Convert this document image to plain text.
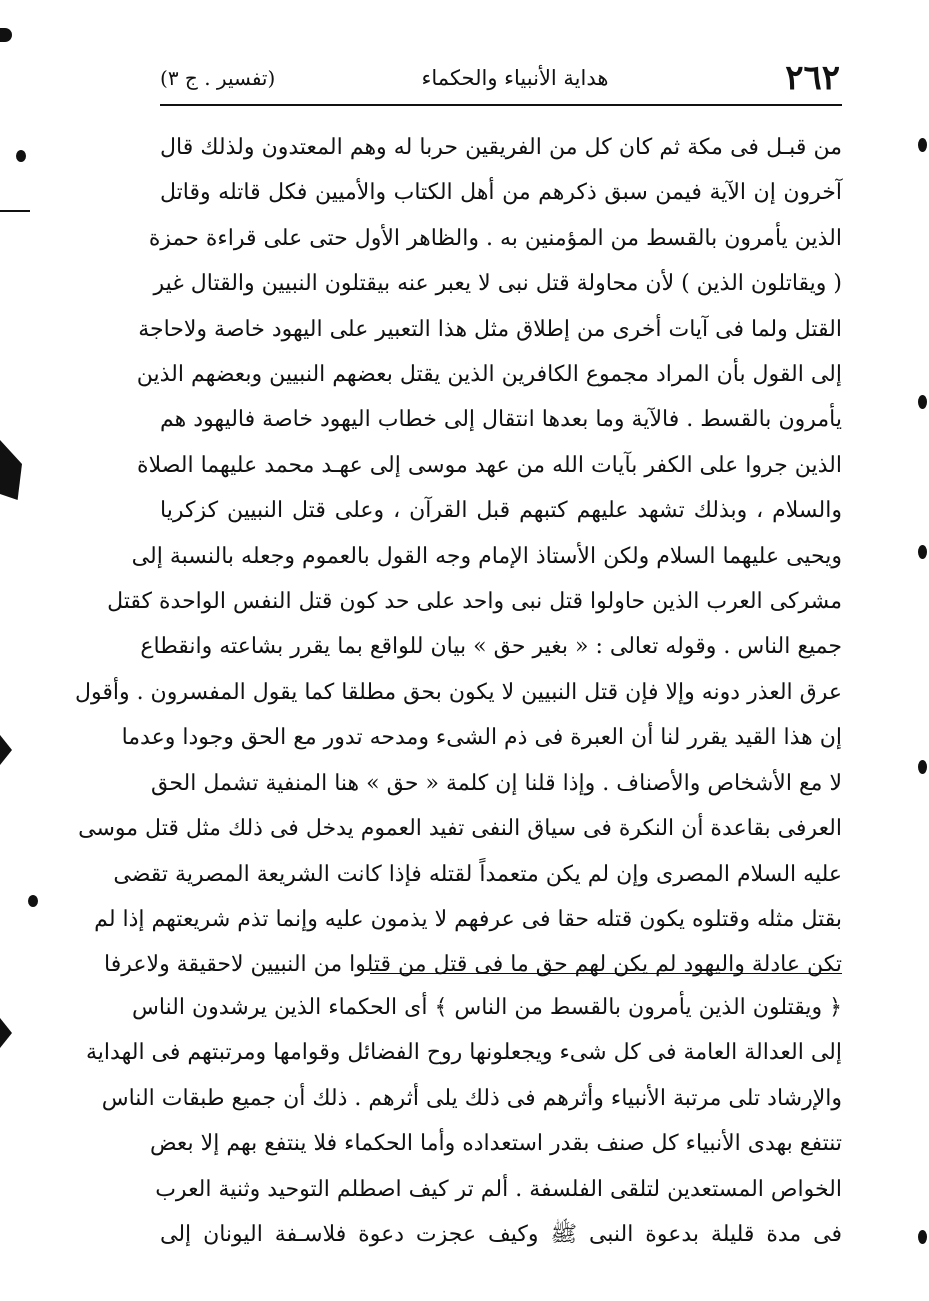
٢٦٢
هداية الأنبياء والحكماء
(تفسير . ج ٣)
من قبـل فى مكة ثم كان كل من الفريقين حربا له وهم المعتدون ولذلك قال
آخرون إن الآية فيمن سبق ذكرهم من أهل الكتاب والأميين فكل قاتله وقاتل
الذين يأمرون بالقسط من المؤمنين به . والظاهر الأول حتى على قراءة حمزة
( ويقاتلون الذين ) لأن محاولة قتل نبى لا يعبر عنه بيقتلون النبيين والقتال غير
القتل ولما فى آيات أخرى من إطلاق مثل هذا التعبير على اليهود خاصة ولاحاجة
إلى القول بأن المراد مجموع الكافرين الذين يقتل بعضهم النبيين وبعضهم الذين
يأمرون بالقسط . فالآية وما بعدها انتقال إلى خطاب اليهود خاصة فاليهود هم
الذين جروا على الكفر بآيات الله من عهد موسى إلى عهـد محمد عليهما الصلاة
والسلام ، وبذلك تشهد عليهم كتبهم قبل القرآن ، وعلى قتل النبيين كزكريا
ويحيى عليهما السلام ولكن الأستاذ الإمام وجه القول بالعموم وجعله بالنسبة إلى
مشركى العرب الذين حاولوا قتل نبى واحد على حد كون قتل النفس الواحدة كقتل
جميع الناس . وقوله تعالى : « بغير حق » بيان للواقع بما يقرر بشاعته وانقطاع
عرق العذر دونه وإلا فإن قتل النبيين لا يكون بحق مطلقا كما يقول المفسرون . وأقول
إن هذا القيد يقرر لنا أن العبرة فى ذم الشىء ومدحه تدور مع الحق وجودا وعدما
لا مع الأشخاص والأصناف . وإذا قلنا إن كلمة « حق » هنا المنفية تشمل الحق
العرفى بقاعدة أن النكرة فى سياق النفى تفيد العموم يدخل فى ذلك مثل قتل موسى
عليه السلام المصرى وإن لم يكن متعمداً لقتله فإذا كانت الشريعة المصرية تقضى
بقتل مثله وقتلوه يكون قتله حقا فى عرفهم لا يذمون عليه وإنما تذم شريعتهم إذا لم
تكن عادلة واليهود لم يكن لهم حق ما فى قتل من قتلوا من النبيين لاحقيقة ولاعرفا
﴿ ويقتلون الذين يأمرون بالقسط من الناس ﴾ أى الحكماء الذين يرشدون الناس
إلى العدالة العامة فى كل شىء ويجعلونها روح الفضائل وقوامها ومرتبتهم فى الهداية
والإرشاد تلى مرتبة الأنبياء وأثرهم فى ذلك يلى أثرهم . ذلك أن جميع طبقات الناس
تنتفع بهدى الأنبياء كل صنف بقدر استعداده وأما الحكماء فلا ينتفع بهم إلا بعض
الخواص المستعدين لتلقى الفلسفة . ألم تر كيف اصطلم التوحيد وثنية العرب
فى مدة قليلة بدعوة النبى ﷺ وكيف عجزت دعوة فلاسـفة اليونان إلى
